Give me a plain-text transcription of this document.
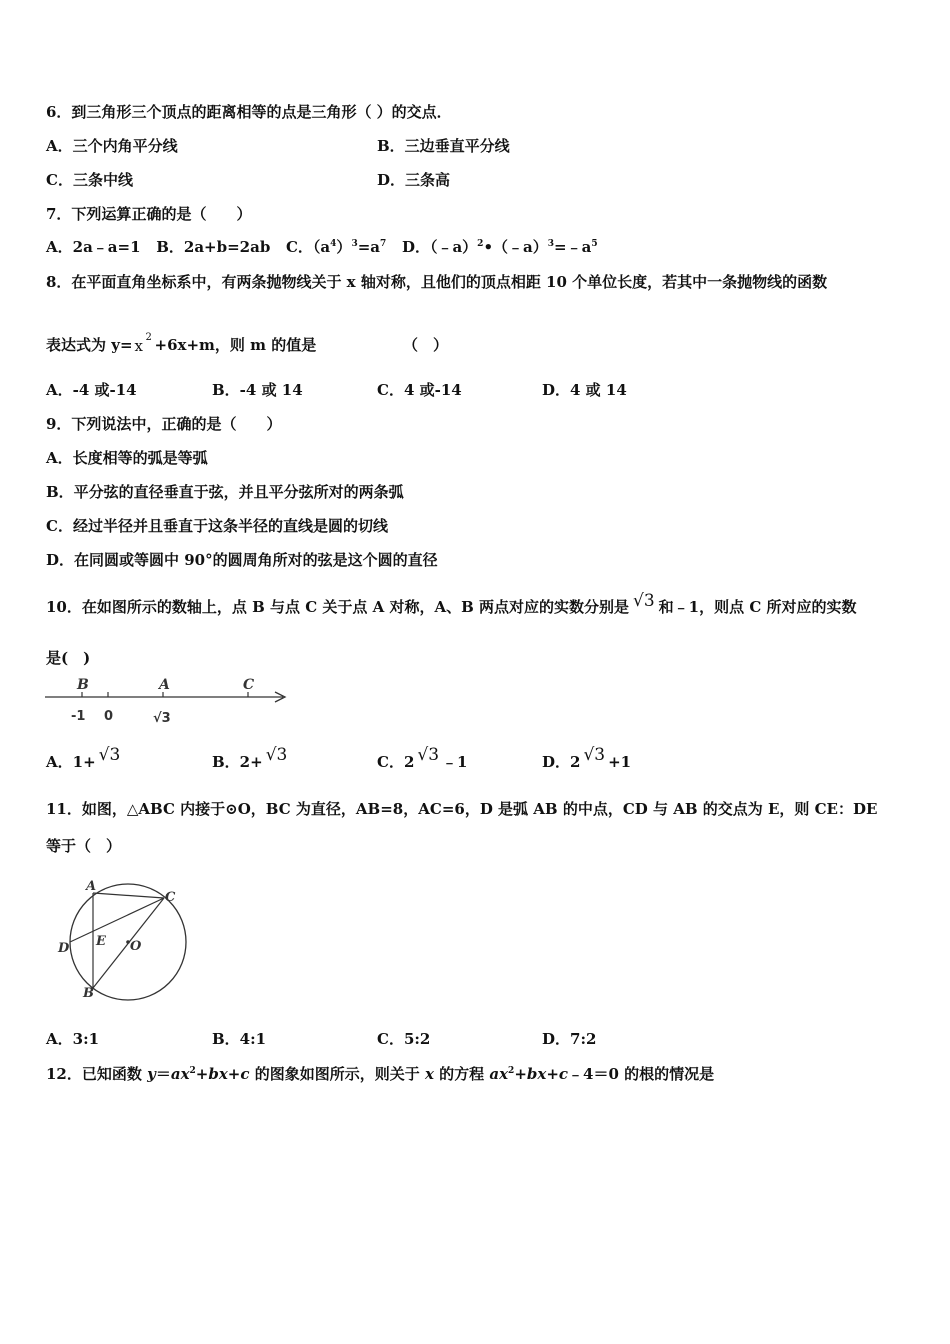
6．到三角形三个顶点的距离相等的点是三角形（ ）的交点．
A．三个内角平分线	B．三边垂直平分线
C．三条中线	D．三条高
7．下列运算正确的是（　　）
A．2a﹣a=1 B．2a+b=2ab C．$(a^4)^3=a^7$ D．$(﹣a)^2•(﹣a)^3=﹣a^5$
8．在平面直角坐标系中，有两条抛物线关于 x 轴对称，且他们的顶点相距 10 个单位长度，若其中一条抛物线的函数
表达式为 y= x 2 +6x+m，则 m 的值是	（　）
A．-4 或-14	B．-4 或 14	C．4 或-14	D．4 或 14
9．下列说法中，正确的是（　　）
A．长度相等的弧是等弧
B．平分弦的直径垂直于弦，并且平分弦所对的两条弧
C．经过半径并且垂直于这条半径的直线是圆的切线
D．在同圆或等圆中 90°的圆周角所对的弦是这个圆的直径
10．在如图所示的数轴上，点 B 与点 C 关于点 A 对称，A、B 两点对应的实数分别是 √3 和﹣1，则点 C 所对应的实数
是(　)
B	A	C
-1 0	√3
A．1+ √3	B．2+ √3	C．2 √3 ﹣1	D．2 √3 +1
11．如图，△ABC 内接于⊙O，BC 为直径，AB=8，AC=6，D 是弧 AB 的中点，CD 与 AB 的交点为 E，则 CE：DE
等于（　）
A
C
D E O
B
A．3:1	B．4:1	C．5:2	D．7:2
12．已知函数 $y=ax^2+bx+c$ 的图象如图所示，则关于 x 的方程 $ax^2+bx+c﹣4=0$ 的根的情况是
